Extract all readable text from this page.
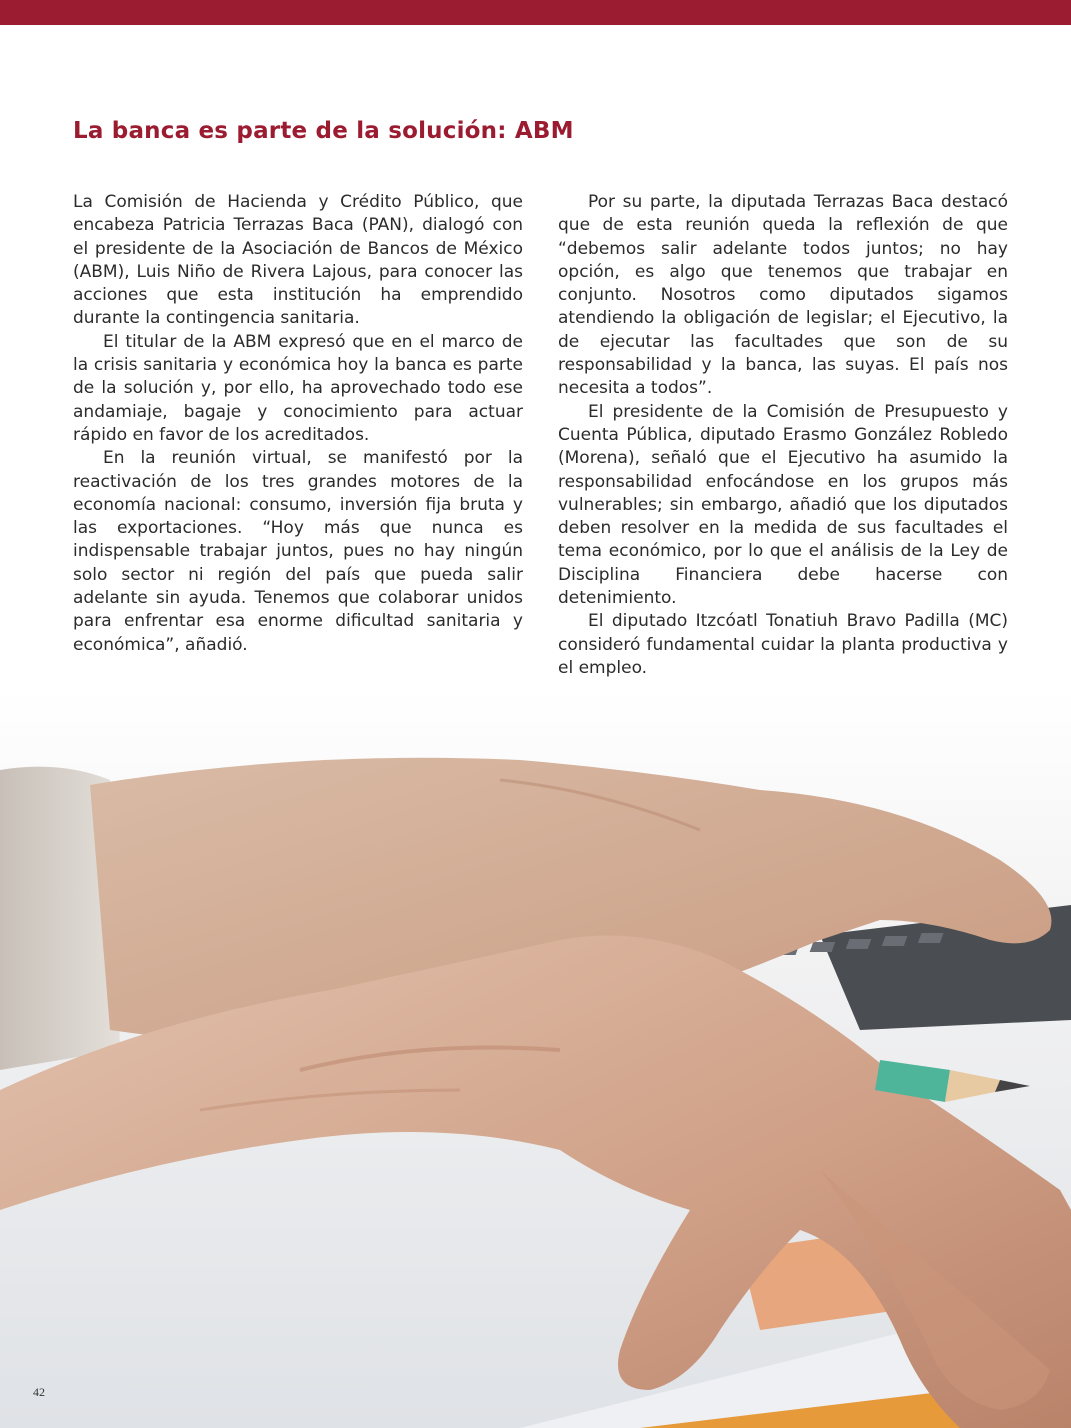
La banca es parte de la solución: ABM

La Comisión de Hacienda y Crédito Público, que encabeza Patricia Terrazas Baca (PAN), dialogó con el presidente de la Asociación de Bancos de México (ABM), Luis Niño de Rivera Lajous, para conocer las acciones que esta institución ha emprendido durante la contingencia sanitaria.

El titular de la ABM expresó que en el marco de la crisis sanitaria y económica hoy la banca es parte de la solución y, por ello, ha aprovechado todo ese andamiaje, bagaje y conocimiento para actuar rápido en favor de los acreditados.

En la reunión virtual, se manifestó por la reactivación de los tres grandes motores de la economía nacional: consumo, inversión fija bruta y las exportaciones. “Hoy más que nunca es indispensable trabajar juntos, pues no hay ningún solo sector ni región del país que pueda salir adelante sin ayuda. Tenemos que colaborar unidos para enfrentar esa enorme dificultad sanitaria y económica”, añadió.

Por su parte, la diputada Terrazas Baca destacó que de esta reunión queda la reflexión de que “debemos salir adelante todos juntos; no hay opción, es algo que tenemos que trabajar en conjunto. Nosotros como diputados sigamos atendiendo la obligación de legislar; el Ejecutivo, la de ejecutar las facultades que son de su responsabilidad y la banca, las suyas. El país nos necesita a todos”.

El presidente de la Comisión de Presupuesto y Cuenta Pública, diputado Erasmo González Robledo (Morena), señaló que el Ejecutivo ha asumido la responsabilidad enfocándose en los grupos más vulnerables; sin embargo, añadió que los diputados deben resolver en la medida de sus facultades el tema económico, por lo que el análisis de la Ley de Disciplina Financiera debe hacerse con detenimiento.

El diputado Itzcóatl Tonatiuh Bravo Padilla (MC) consideró fundamental cuidar la planta productiva y el empleo.

42
